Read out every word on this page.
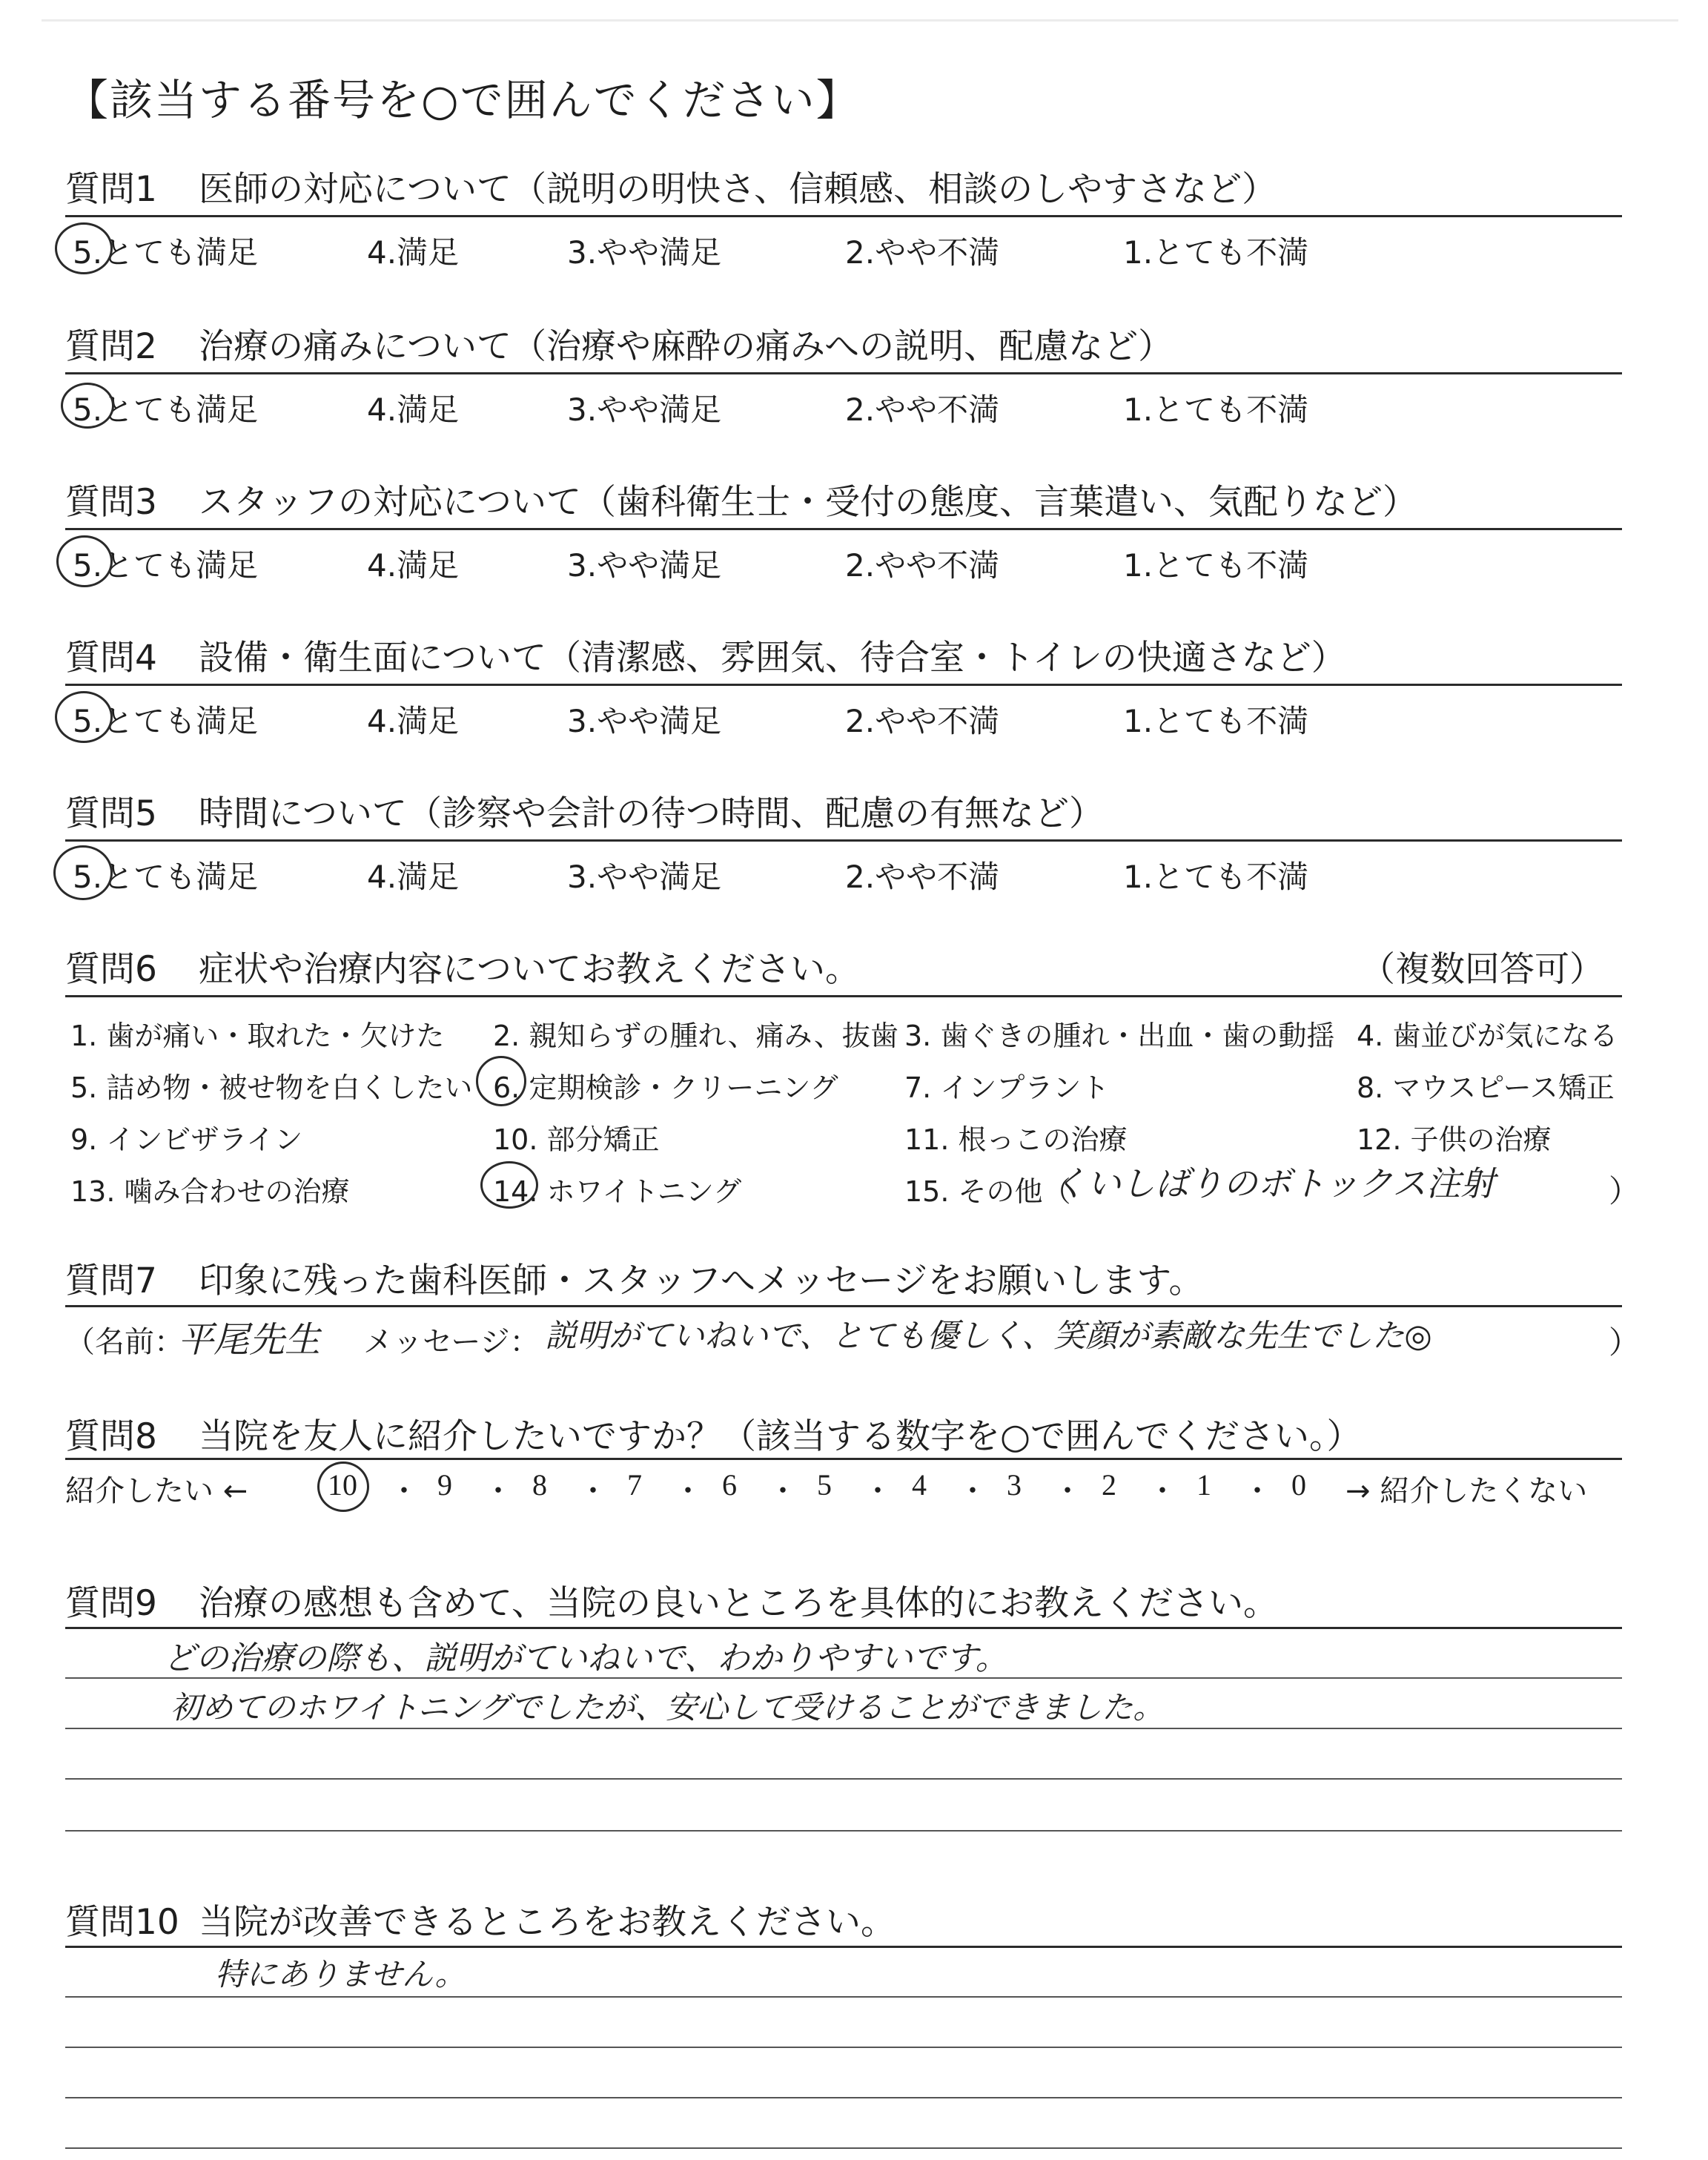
【該当する番号を○で囲んでください】
質問1 医師の対応について（説明の明快さ、信頼感、相談のしやすさなど）
5.とても満足	4.満足	3.やや満足	2.やや不満	1.とても不満
質問2 治療の痛みについて（治療や麻酔の痛みへの説明、配慮など）
5.とても満足	4.満足	3.やや満足	2.やや不満	1.とても不満
質問3 スタッフの対応について（歯科衛生士・受付の態度、言葉遣い、気配りなど）
5.とても満足	4.満足	3.やや満足	2.やや不満	1.とても不満
質問4 設備・衛生面について（清潔感、雰囲気、待合室・トイレの快適さなど）
5.とても満足	4.満足	3.やや満足	2.やや不満	1.とても不満
質問5 時間について（診察や会計の待つ時間、配慮の有無など）
5.とても満足	4.満足	3.やや満足	2.やや不満	1.とても不満
質問6 症状や治療内容についてお教えください。	（複数回答可）
1. 歯が痛い・取れた・欠けた 2. 親知らずの腫れ、痛み、抜歯 3. 歯ぐきの腫れ・出血・歯の動揺 4. 歯並びが気になる
5. 詰め物・被せ物を白くしたい 6. 定期検診・クリーニング 7. インプラント	8. マウスピース矯正
9. インビザライン	10. 部分矯正	11. 根っこの治療	12. 子供の治療
13. 噛み合わせの治療	14. ホワイトニング	15. その他（
くいしばりのボトックス注射	）
質問7 印象に残った歯科医師・スタッフへメッセージをお願いします。
（名前：
平尾先生 メッセージ： 説明がていねいで、とても優しく、笑顔が素敵な先生でした◎	）
質問8 当院を友人に紹介したいですか？（該当する数字を○で囲んでください。）
紹介したい ←	→ 紹介したくない
10 ・ 9 ・ 8 ・ 7 ・ 6 ・ 5 ・ 4 ・ 3 ・ 2 ・ 1 ・ 0
質問9 治療の感想も含めて、当院の良いところを具体的にお教えください。
どの治療の際も、説明がていねいで、わかりやすいです。
初めてのホワイトニングでしたが、安心して受けることができました。
質問10 当院が改善できるところをお教えください。
特にありません。
